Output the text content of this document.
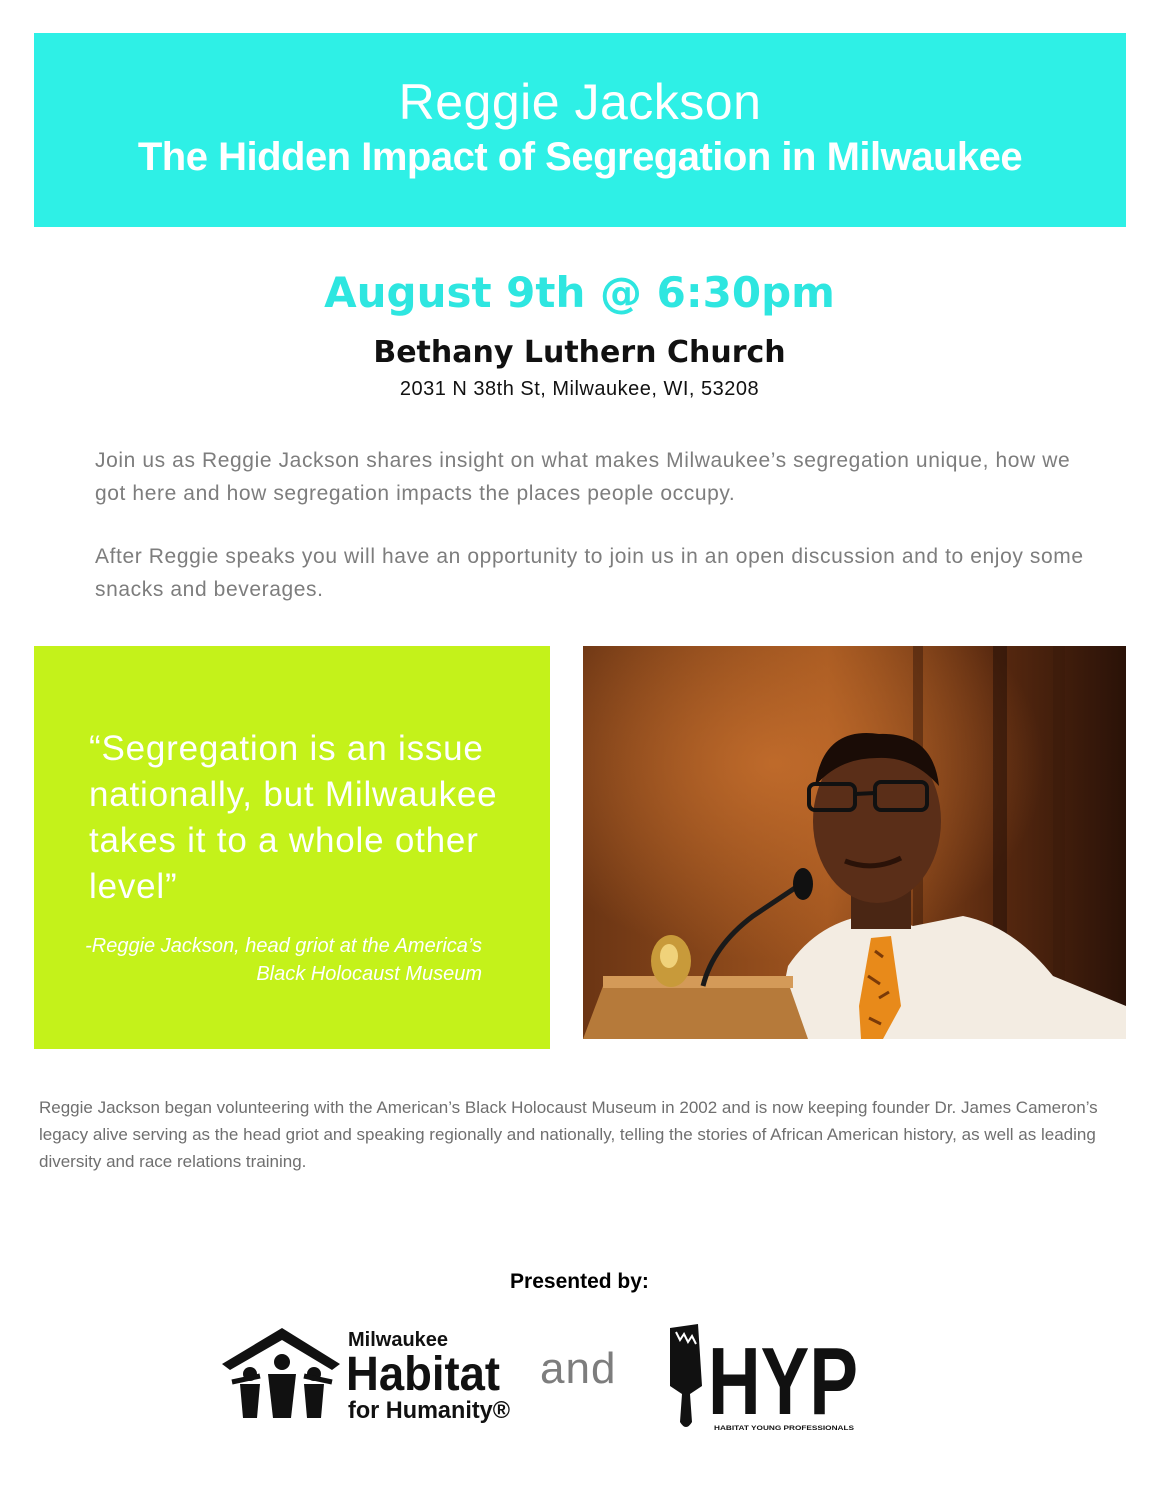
Reggie Jackson
The Hidden Impact of Segregation in Milwaukee
August 9th @ 6:30pm
Bethany Luthern Church
2031 N 38th St, Milwaukee, WI, 53208

Join us as Reggie Jackson shares insight on what makes Milwaukee’s segregation unique, how we got here and how segregation impacts the places people occupy.

After Reggie speaks you will have an opportunity to join us in an open discussion and to enjoy some snacks and beverages.

“Segregation is an issue nationally, but Milwaukee takes it to a whole other level”

-Reggie Jackson, head griot at the America’s Black Holocaust Museum

Reggie Jackson began volunteering with the American’s Black Holocaust Museum in 2002 and is now keeping founder Dr. James Cameron’s legacy alive serving as the head griot and speaking regionally and nationally, telling the stories of African American history, as well as leading diversity and race relations training.

Presented by:
Milwaukee
Habitat
for Humanity®
and HYP
HABITAT YOUNG PROFESSIONALS
